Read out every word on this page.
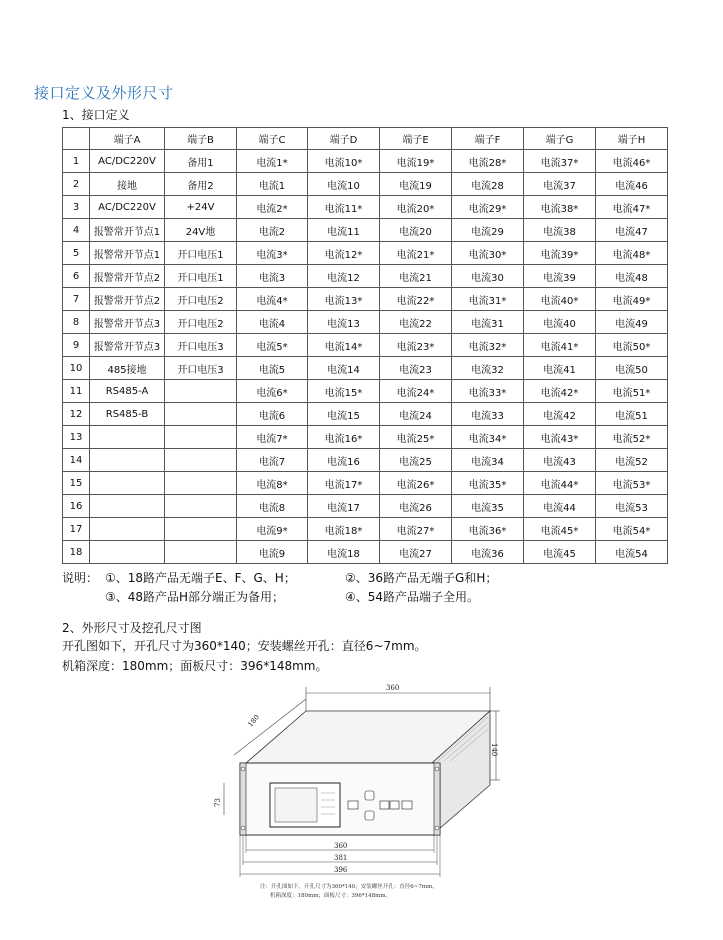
接口定义及外形尺寸
1、接口定义
	端子A	端子B	端子C	端子D	端子E	端子F	端子G	端子H
1	AC/DC220V	备用1	电流1*	电流10*	电流19*	电流28*	电流37*	电流46*
2	接地	备用2	电流1	电流10	电流19	电流28	电流37	电流46
3	AC/DC220V	+24V	电流2*	电流11*	电流20*	电流29*	电流38*	电流47*
4	报警常开节点1	24V地	电流2	电流11	电流20	电流29	电流38	电流47
5	报警常开节点1	开口电压1	电流3*	电流12*	电流21*	电流30*	电流39*	电流48*
6	报警常开节点2	开口电压1	电流3	电流12	电流21	电流30	电流39	电流48
7	报警常开节点2	开口电压2	电流4*	电流13*	电流22*	电流31*	电流40*	电流49*
8	报警常开节点3	开口电压2	电流4	电流13	电流22	电流31	电流40	电流49
9	报警常开节点3	开口电压3	电流5*	电流14*	电流23*	电流32*	电流41*	电流50*
10	485接地	开口电压3	电流5	电流14	电流23	电流32	电流41	电流50
11	RS485-A		电流6*	电流15*	电流24*	电流33*	电流42*	电流51*
12	RS485-B		电流6	电流15	电流24	电流33	电流42	电流51
13			电流7*	电流16*	电流25*	电流34*	电流43*	电流52*
14			电流7	电流16	电流25	电流34	电流43	电流52
15			电流8*	电流17*	电流26*	电流35*	电流44*	电流53*
16			电流8	电流17	电流26	电流35	电流44	电流53
17			电流9*	电流18*	电流27*	电流36*	电流45*	电流54*
18			电流9	电流18	电流27	电流36	电流45	电流54
说明： ①、18路产品无端子E、F、G、H；	②、36路产品无端子G和H；
③、48路产品H部分端正为备用；	④、54路产品端子全用。
2、外形尺寸及挖孔尺寸图
开孔图如下，开孔尺寸为360*140；安装螺丝开孔：直径6~7mm。
机箱深度：180mm；面板尺寸：396*148mm。
360
180
140
73
360
381
396
注：开孔图如下，开孔尺寸为360*140；安装螺丝开孔：直径6~7mm。
机箱深度：180mm；面板尺寸：396*148mm。
